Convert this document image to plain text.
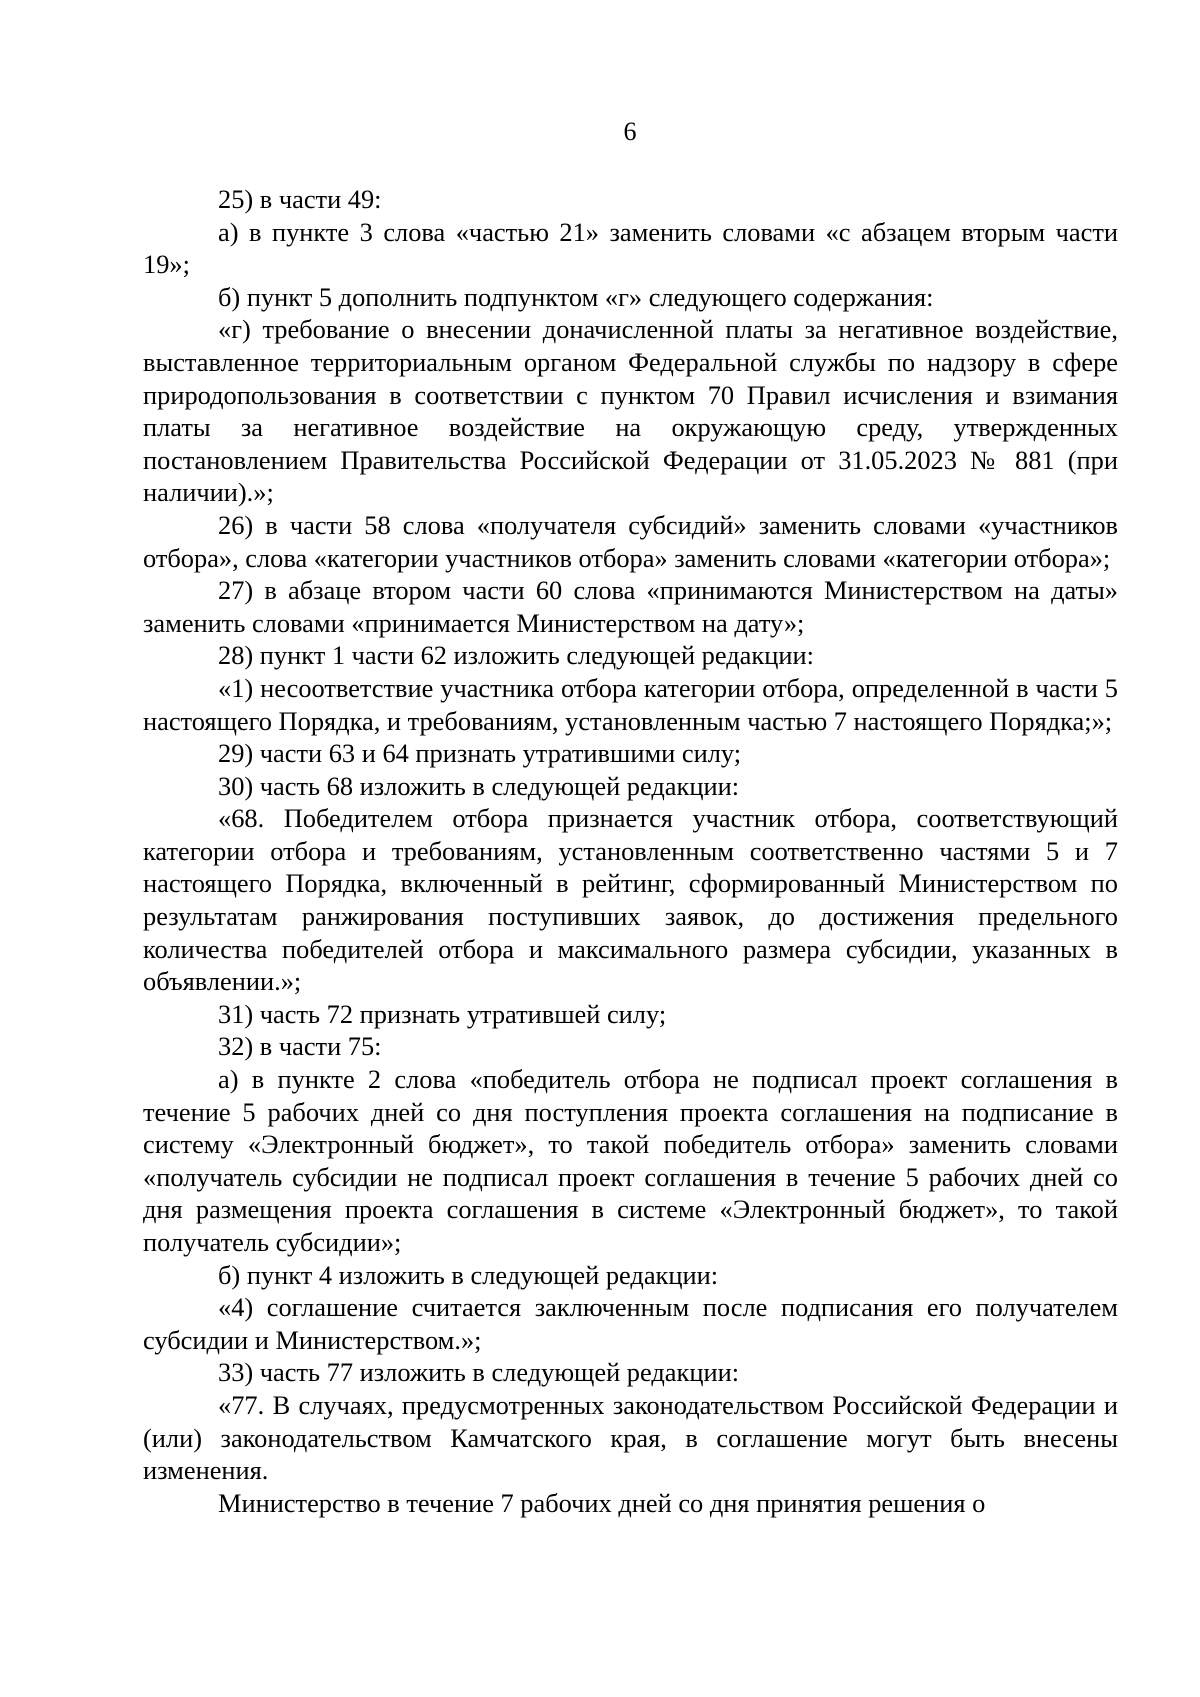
6

25) в части 49:

а) в пункте 3 слова «частью 21» заменить словами «с абзацем вторым части 19»;

б) пункт 5 дополнить подпунктом «г» следующего содержания:

«г) требование о внесении доначисленной платы за негативное воздействие, выставленное территориальным органом Федеральной службы по надзору в сфере природопользования в соответствии с пунктом 70 Правил исчисления и взимания платы за негативное воздействие на окружающую среду, утвержденных постановлением Правительства Российской Федерации от 31.05.2023 № 881 (при наличии).»;

26) в части 58 слова «получателя субсидий» заменить словами «участников отбора», слова «категории участников отбора» заменить словами «категории отбора»;

27) в абзаце втором части 60 слова «принимаются Министерством на даты» заменить словами «принимается Министерством на дату»;

28) пункт 1 части 62 изложить следующей редакции:

«1) несоответствие участника отбора категории отбора, определенной в части 5 настоящего Порядка, и требованиям, установленным частью 7 настоящего Порядка;»;

29) части 63 и 64 признать утратившими силу;

30) часть 68 изложить в следующей редакции:

«68. Победителем отбора признается участник отбора, соответствующий категории отбора и требованиям, установленным соответственно частями 5 и 7 настоящего Порядка, включенный в рейтинг, сформированный Министерством по результатам ранжирования поступивших заявок, до достижения предельного количества победителей отбора и максимального размера субсидии, указанных в объявлении.»;

31) часть 72 признать утратившей силу;

32) в части 75:

а) в пункте 2 слова «победитель отбора не подписал проект соглашения в течение 5 рабочих дней со дня поступления проекта соглашения на подписание в систему «Электронный бюджет», то такой победитель отбора» заменить словами «получатель субсидии не подписал проект соглашения в течение 5 рабочих дней со дня размещения проекта соглашения в системе «Электронный бюджет», то такой получатель субсидии»;

б) пункт 4 изложить в следующей редакции:

«4) соглашение считается заключенным после подписания его получателем субсидии и Министерством.»;

33) часть 77 изложить в следующей редакции:

«77. В случаях, предусмотренных законодательством Российской Федерации и (или) законодательством Камчатского края, в соглашение могут быть внесены изменения.

Министерство в течение 7 рабочих дней со дня принятия решения о
